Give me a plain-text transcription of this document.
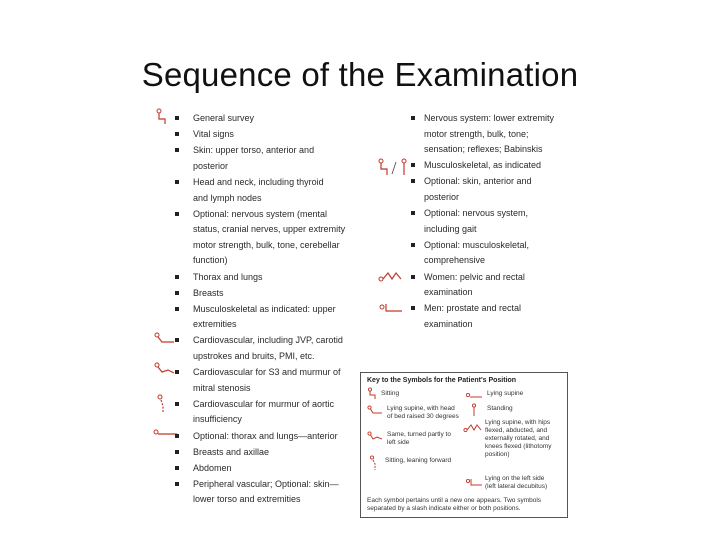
Sequence of the Examination
General survey
Vital signs
Skin: upper torso, anterior and
posterior
Head and neck, including thyroid
and lymph nodes
Optional: nervous system (mental
status, cranial nerves, upper extremity
motor strength, bulk, tone, cerebellar
function)
Thorax and lungs
Breasts
Musculoskeletal as indicated: upper
extremities
Cardiovascular, including JVP, carotid
upstrokes and bruits, PMI, etc.
Cardiovascular for S3 and murmur of
mitral stenosis
Cardiovascular for murmur of aortic
insufficiency
Optional: thorax and lungs—anterior
Breasts and axillae
Abdomen
Peripheral vascular; Optional: skin—
lower torso and extremities
Nervous system: lower extremity
motor strength, bulk, tone;
sensation; reflexes; Babinskis
Musculoskeletal, as indicated
Optional: skin, anterior and
posterior
Optional: nervous system,
including gait
Optional: musculoskeletal,
comprehensive
Women: pelvic and rectal
examination
Men: prostate and rectal
examination
Key to the Symbols for the Patient's Position
Each symbol pertains until a new one appears. Two symbols
separated by a slash indicate either or both positions.
Sitting	Lying supine
Lying supine, with head
of bed raised 30 degrees
Standing
Same, turned partly to
left side
Lying supine, with hips
flexed, abducted, and
externally rotated, and
knees flexed (lithotomy
position)
Sitting, leaning forward
Lying on the left side
(left lateral decubitus)
